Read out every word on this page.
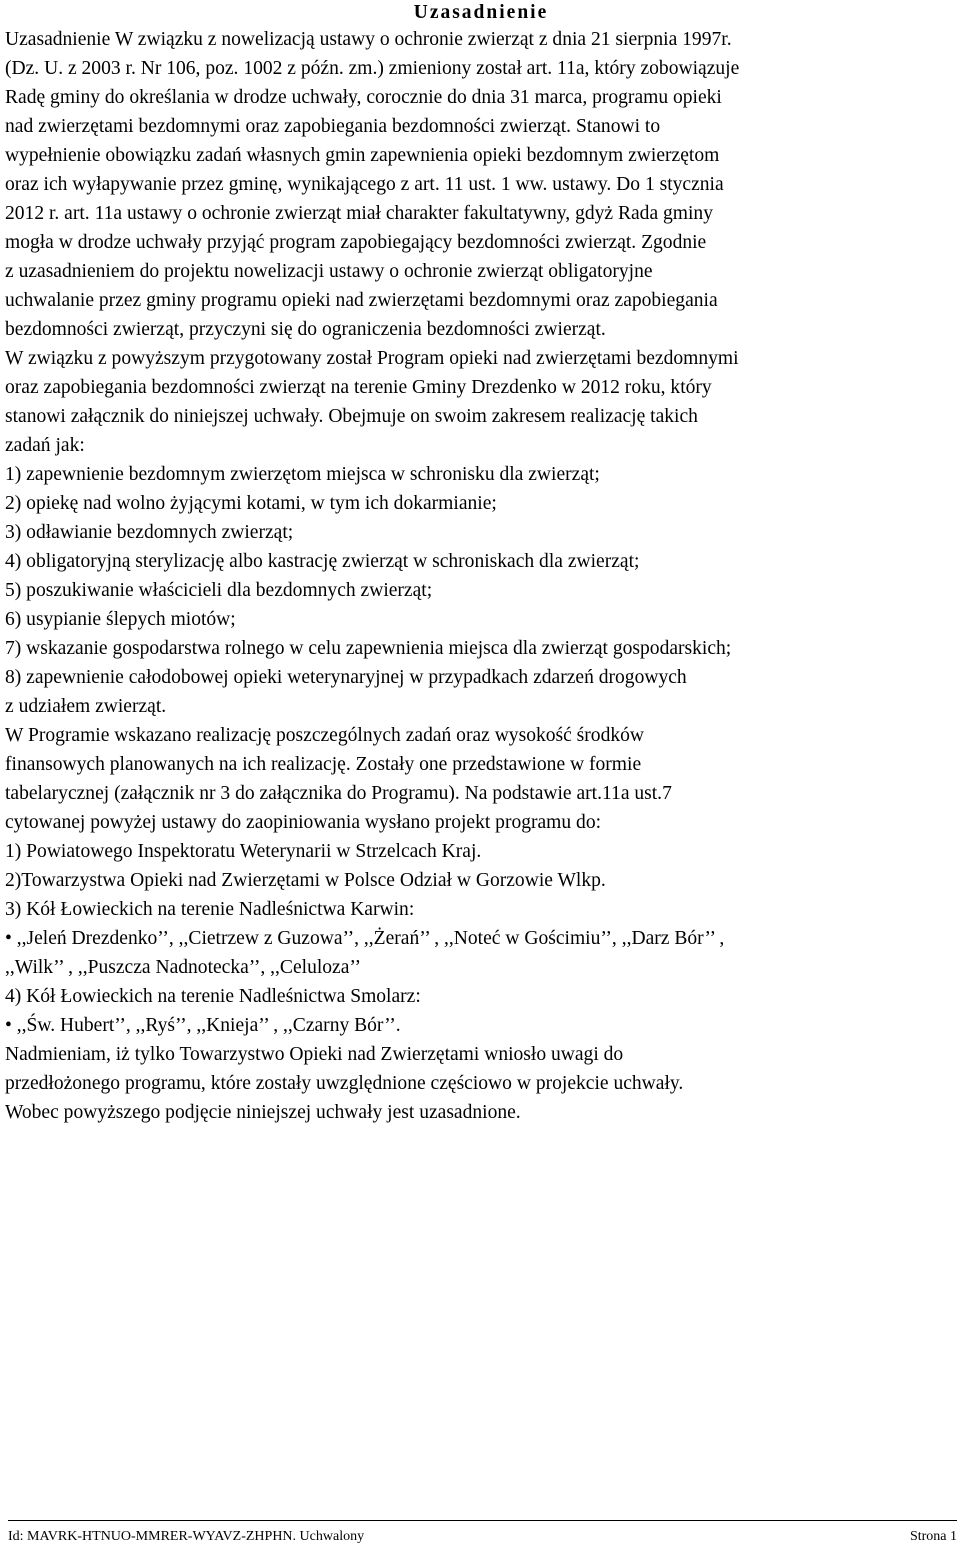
Uzasadnienie
Uzasadnienie W związku z nowelizacją ustawy o ochronie zwierząt z dnia 21 sierpnia 1997r.
(Dz. U. z 2003 r. Nr 106, poz. 1002 z późn. zm.) zmieniony został art. 11a, który zobowiązuje
Radę gminy do określania w drodze uchwały, corocznie do dnia 31 marca, programu opieki
nad zwierzętami bezdomnymi oraz zapobiegania bezdomności zwierząt. Stanowi to
wypełnienie obowiązku zadań własnych gmin zapewnienia opieki bezdomnym zwierzętom
oraz ich wyłapywanie przez gminę, wynikającego z art. 11 ust. 1 ww. ustawy. Do 1 stycznia
2012 r. art. 11a ustawy o ochronie zwierząt miał charakter fakultatywny, gdyż Rada gminy
mogła w drodze uchwały przyjąć program zapobiegający bezdomności zwierząt. Zgodnie
z uzasadnieniem do projektu nowelizacji ustawy o ochronie zwierząt obligatoryjne
uchwalanie przez gminy programu opieki nad zwierzętami bezdomnymi oraz zapobiegania
bezdomności zwierząt, przyczyni się do ograniczenia bezdomności zwierząt.
W związku z powyższym przygotowany został Program opieki nad zwierzętami bezdomnymi
oraz zapobiegania bezdomności zwierząt na terenie Gminy Drezdenko w 2012 roku, który
stanowi załącznik do niniejszej uchwały. Obejmuje on swoim zakresem realizację takich
zadań jak:
1) zapewnienie bezdomnym zwierzętom miejsca w schronisku dla zwierząt;
2) opiekę nad wolno żyjącymi kotami, w tym ich dokarmianie;
3) odławianie bezdomnych zwierząt;
4) obligatoryjną sterylizację albo kastrację zwierząt w schroniskach dla zwierząt;
5) poszukiwanie właścicieli dla bezdomnych zwierząt;
6) usypianie ślepych miotów;
7) wskazanie gospodarstwa rolnego w celu zapewnienia miejsca dla zwierząt gospodarskich;
8) zapewnienie całodobowej opieki weterynaryjnej w przypadkach zdarzeń drogowych
z udziałem zwierząt.
W Programie wskazano realizację poszczególnych zadań oraz wysokość środków
finansowych planowanych na ich realizację. Zostały one przedstawione w formie
tabelarycznej (załącznik nr 3 do załącznika do Programu). Na podstawie art.11a ust.7
cytowanej powyżej ustawy do zaopiniowania wysłano projekt programu do:
1) Powiatowego Inspektoratu Weterynarii w Strzelcach Kraj.
2)Towarzystwa Opieki nad Zwierzętami w Polsce Odział w Gorzowie Wlkp.
3) Kół Łowieckich na terenie Nadleśnictwa Karwin:
• ,,Jeleń Drezdenko’’, ,,Cietrzew z Guzowa’’, ,,Żerań’’ , ,,Noteć w Gościmiu’’, ,,Darz Bór’’ ,
,,Wilk’’ , ,,Puszcza Nadnotecka’’, ,,Celuloza’’
4) Kół Łowieckich na terenie Nadleśnictwa Smolarz:
• ,,Św. Hubert’’, ,,Ryś’’, ,,Knieja’’ , ,,Czarny Bór’’.
Nadmieniam, iż tylko Towarzystwo Opieki nad Zwierzętami wniosło uwagi do
przedłożonego programu, które zostały uwzględnione częściowo w projekcie uchwały.
Wobec powyższego podjęcie niniejszej uchwały jest uzasadnione.
Id: MAVRK-HTNUO-MMRER-WYAVZ-ZHPHN. Uchwalony	Strona 1
